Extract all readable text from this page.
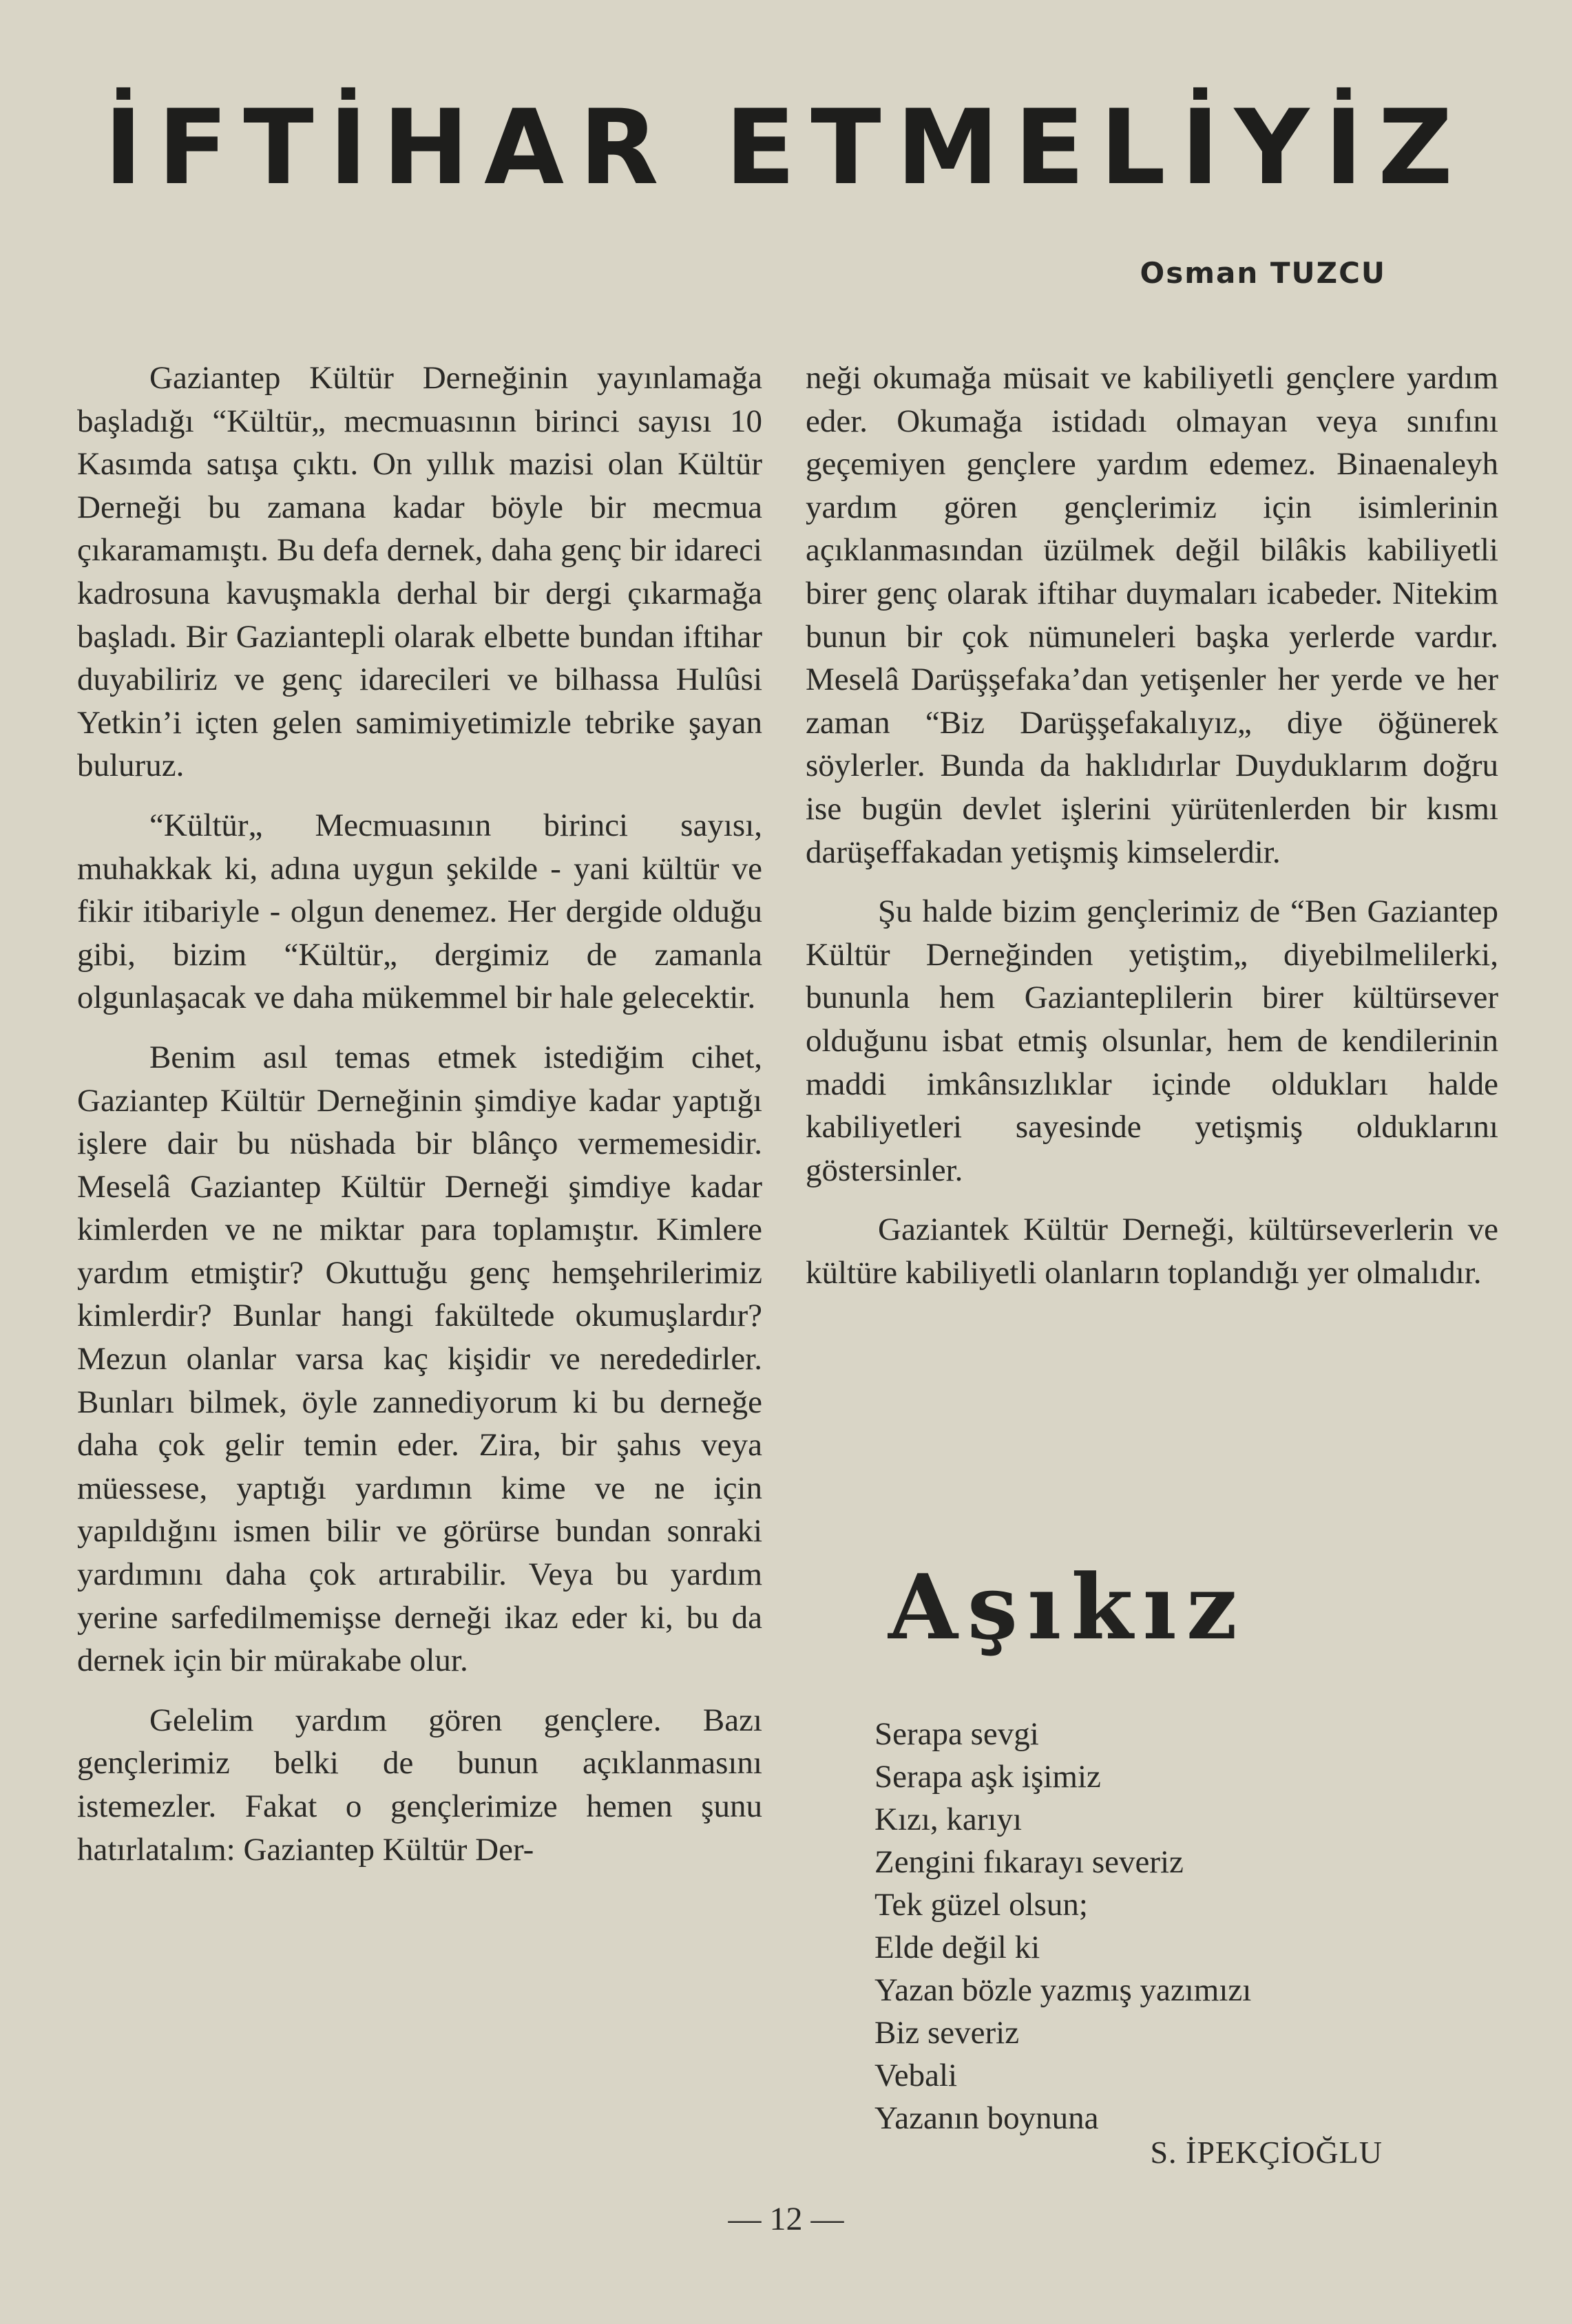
İFTİHAR ETMELİYİZ
Osman TUZCU

Gaziantep Kültür Derneğinin yayınlamağa başladığı “Kültür„ mecmuasının birinci sayısı 10 Kasımda satışa çıktı. On yıllık mazisi olan Kültür Derneği bu zamana kadar böyle bir mecmua çıkaramamıştı. Bu defa dernek, daha genç bir idareci kadrosuna kavuşmakla derhal bir dergi çıkarmağa başladı. Bir Gaziantepli olarak elbette bundan iftihar duyabiliriz ve genç idarecileri ve bilhassa Hulûsi Yetkin’i içten gelen samimiyetimizle tebrike şayan buluruz.

“Kültür„ Mecmuasının birinci sayısı, muhakkak ki, adına uygun şekilde - yani kültür ve fikir itibariyle - olgun denemez. Her dergide olduğu gibi, bizim “Kültür„ dergimiz de zamanla olgunlaşacak ve daha mükemmel bir hale gelecektir.

Benim asıl temas etmek istediğim cihet, Gaziantep Kültür Derneğinin şimdiye kadar yaptığı işlere dair bu nüshada bir blânço vermemesidir. Meselâ Gaziantep Kültür Derneği şimdiye kadar kimlerden ve ne miktar para toplamıştır. Kimlere yardım etmiştir? Okuttuğu genç hemşehrilerimiz kimlerdir? Bunlar hangi fakültede okumuşlardır? Mezun olanlar varsa kaç kişidir ve nerededirler. Bunları bilmek, öyle zannediyorum ki bu derneğe daha çok gelir temin eder. Zira, bir şahıs veya müessese, yaptığı yardımın kime ve ne için yapıldığını ismen bilir ve görürse bundan sonraki yardımını daha çok artırabilir. Veya bu yardım yerine sarfedilmemişse derneği ikaz eder ki, bu da dernek için bir mürakabe olur.

Gelelim yardım gören gençlere. Bazı gençlerimiz belki de bunun açıklanmasını istemezler. Fakat o gençlerimize hemen şunu hatırlatalım: Gaziantep Kültür Der-

neği okumağa müsait ve kabiliyetli gençlere yardım eder. Okumağa istidadı olmayan veya sınıfını geçemiyen gençlere yardım edemez. Binaenaleyh yardım gören gençlerimiz için isimlerinin açıklanmasından üzülmek değil bilâkis kabiliyetli birer genç olarak iftihar duymaları icabeder. Nitekim bunun bir çok nümuneleri başka yerlerde vardır. Meselâ Darüşşefaka’dan yetişenler her yerde ve her zaman “Biz Darüşşefakalıyız„ diye öğünerek söylerler. Bunda da haklıdırlar Duyduklarım doğru ise bugün devlet işlerini yürütenlerden bir kısmı darüşeffakadan yetişmiş kimselerdir.

Şu halde bizim gençlerimiz de “Ben Gaziantep Kültür Derneğinden yetiştim„ diyebilmelilerki, bununla hem Gazianteplilerin birer kültürsever olduğunu isbat etmiş olsunlar, hem de kendilerinin maddi imkânsızlıklar içinde oldukları halde kabiliyetleri sayesinde yetişmiş olduklarını göstersinler.

Gaziantek Kültür Derneği, kültürseverlerin ve kültüre kabiliyetli olanların toplandığı yer olmalıdır.

Aşıkız
Serapa sevgi
Serapa aşk işimiz
Kızı, karıyı
Zengini fıkarayı severiz
Tek güzel olsun;
Elde değil ki
Yazan bözle yazmış yazımızı
Biz severiz
Vebali
Yazanın boynuna
S. İPEKÇİOĞLU
— 12 —
